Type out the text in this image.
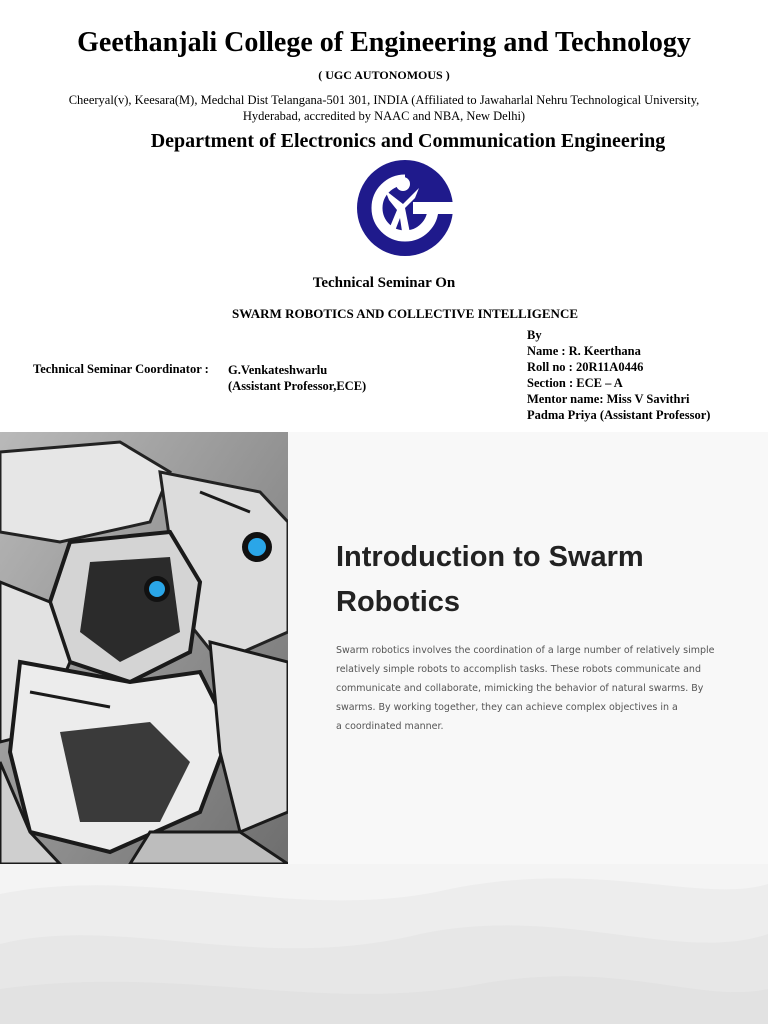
Geethanjali College of Engineering and Technology
( UGC AUTONOMOUS )
Cheeryal(v), Keesara(M), Medchal Dist Telangana-501 301, INDIA (Affiliated to Jawaharlal Nehru Technological University,
Hyderabad, accredited by NAAC and NBA, New Delhi)
Department of Electronics and Communication Engineering
Technical Seminar On
SWARM ROBOTICS AND COLLECTIVE INTELLIGENCE
Technical Seminar Coordinator : G.Venkateshwarlu
(Assistant Professor,ECE)
By
Name : R. Keerthana
Roll no : 20R11A0446
Section : ECE – A
Mentor name: Miss V Savithri
Padma Priya (Assistant Professor)
Introduction to Swarm
Robotics
Swarm robotics involves the coordination of a large number of relatively simple
relatively simple robots to accomplish tasks. These robots communicate and
communicate and collaborate, mimicking the behavior of natural swarms. By
swarms. By working together, they can achieve complex objectives in a
a coordinated manner.
